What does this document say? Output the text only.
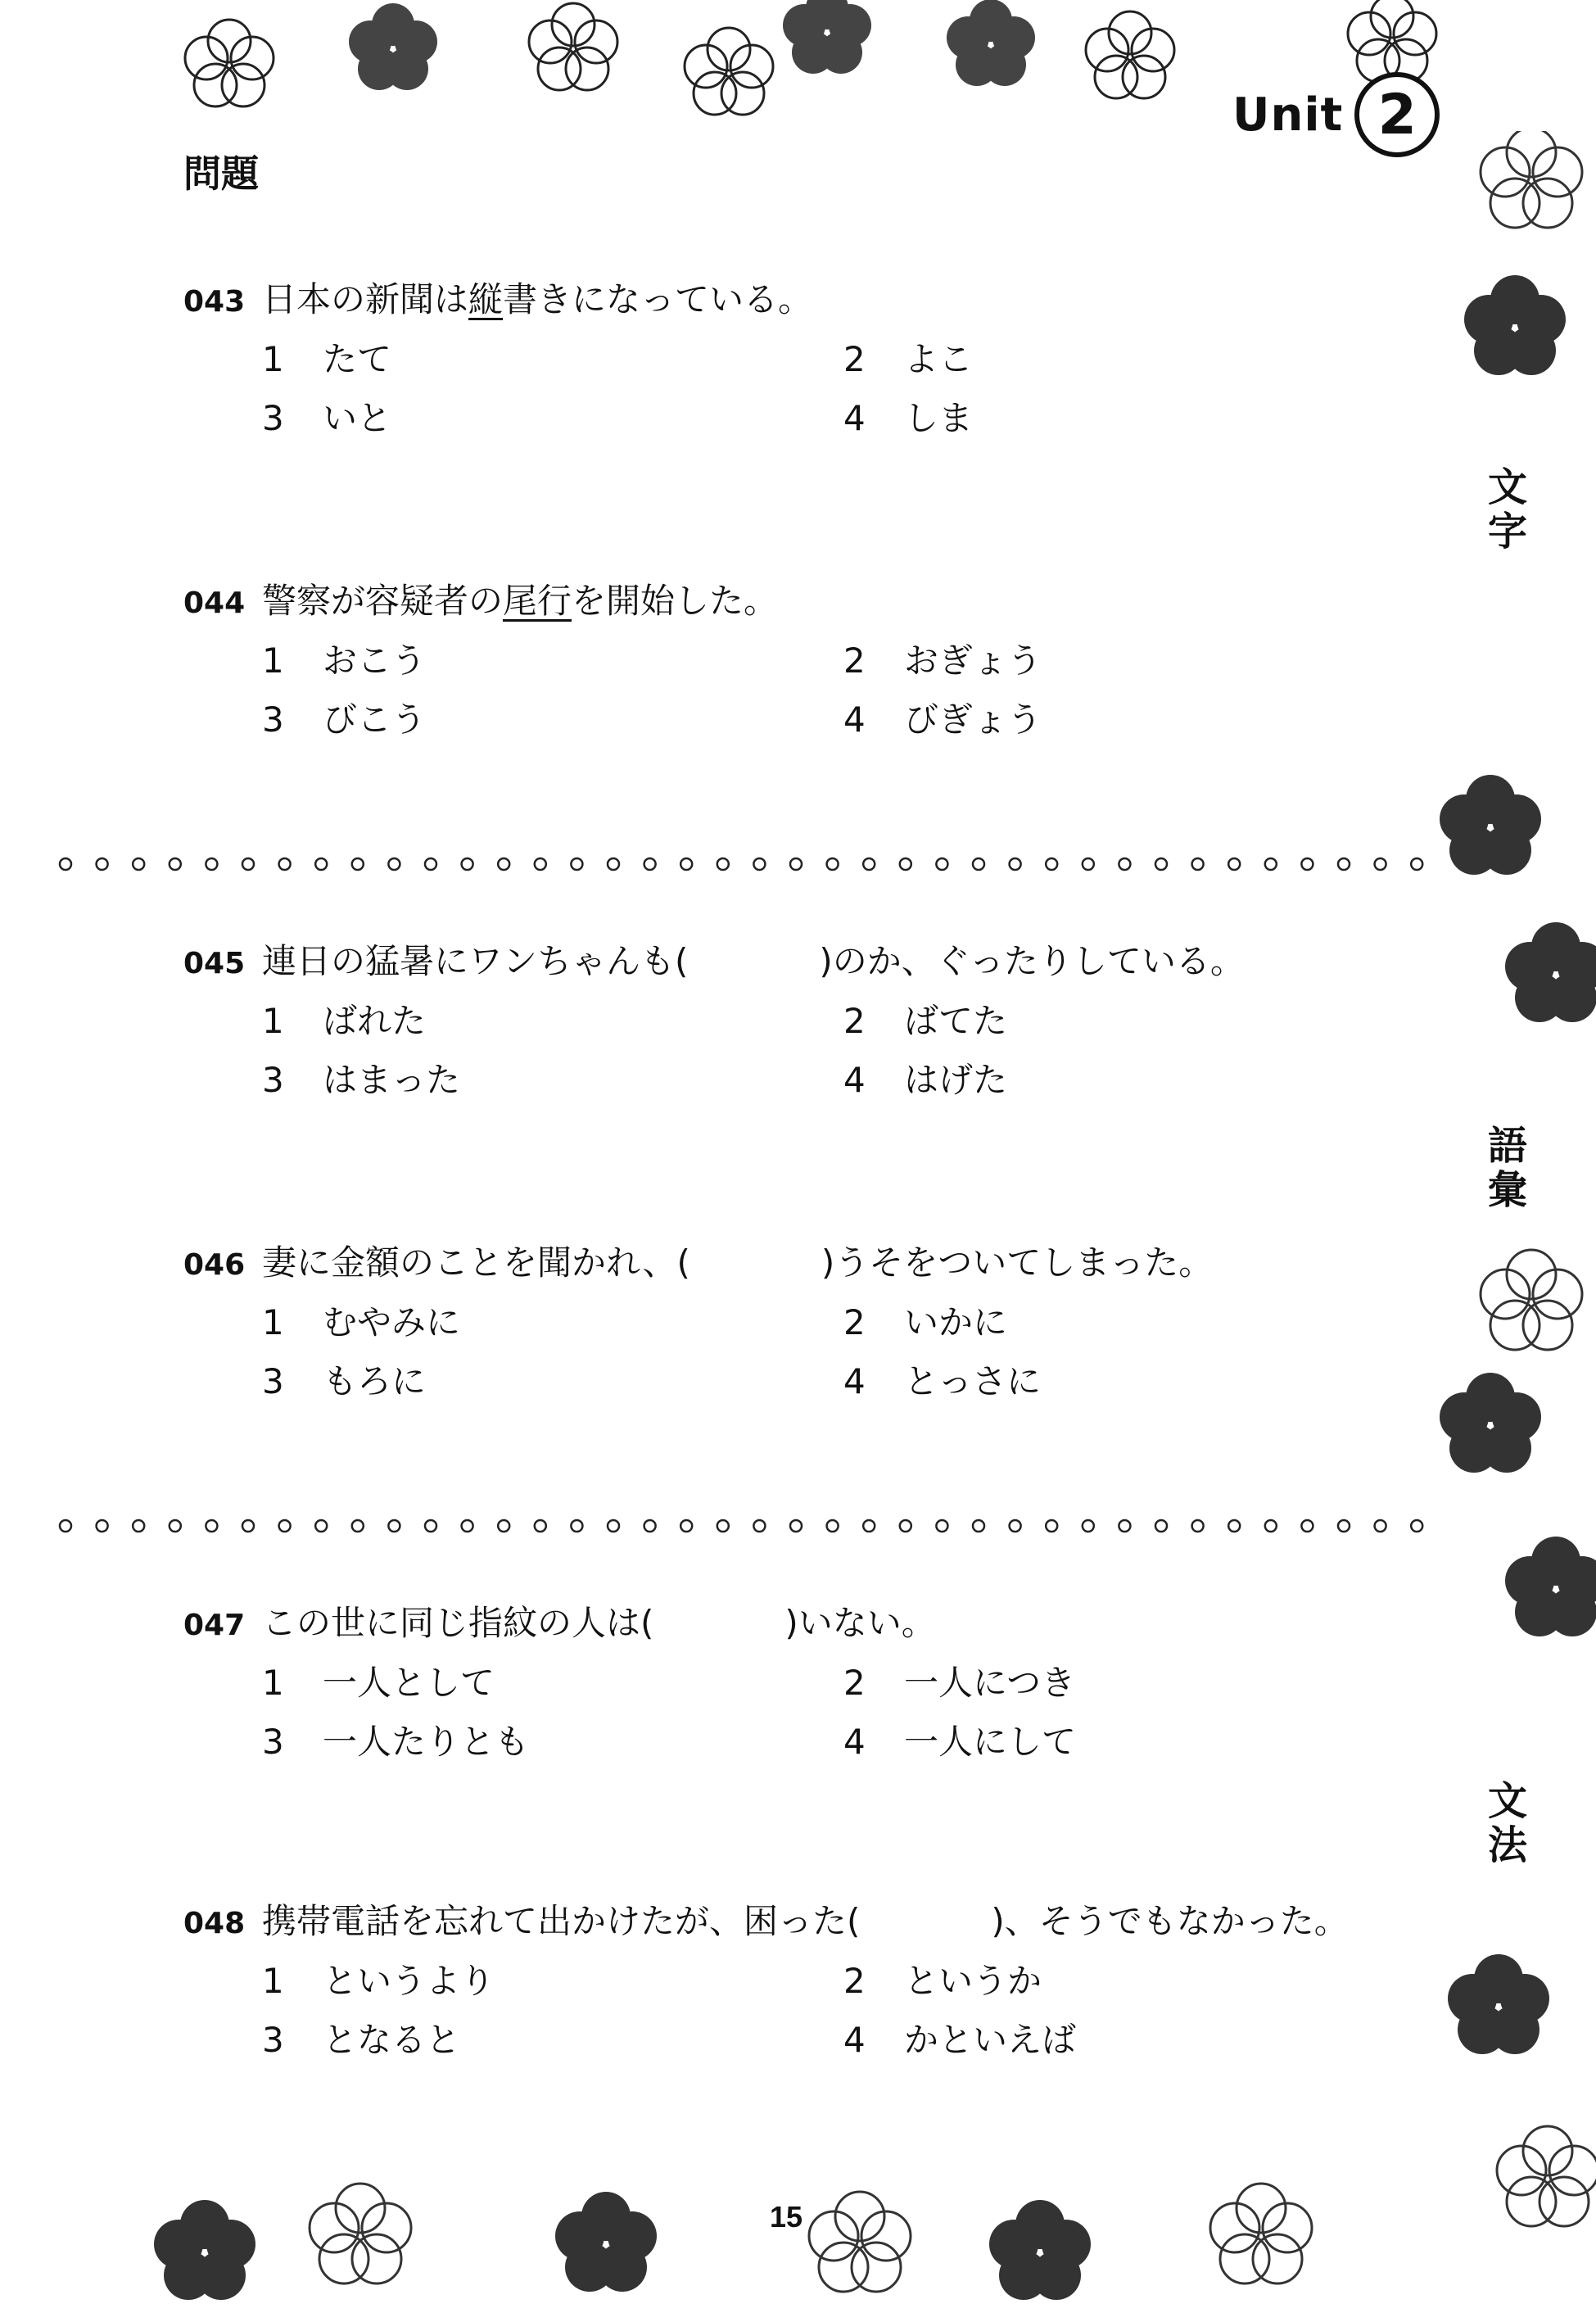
Unit 2
問題
文字
語彙
文法
043 日本の新聞は縦書きになっている。
1 たて	2 よこ
3 いと	4 しま
044 警察が容疑者の尾行を開始した。
1 おこう	2 おぎょう
3 びこう	4 びぎょう
045 連日の猛暑にワンちゃんも(	)のか、ぐったりしている。
1 ばれた	2 ばてた
3 はまった	4 はげた
046 妻に金額のことを聞かれ、(	)うそをついてしまった。
1 むやみに	2 いかに
3 もろに	4 とっさに
047 この世に同じ指紋の人は(	)いない。
1 一人として	2 一人につき
3 一人たりとも	4 一人にして
048 携帯電話を忘れて出かけたが、困った(	)、そうでもなかった。
1 というより	2 というか
3 となると	4 かといえば
15
